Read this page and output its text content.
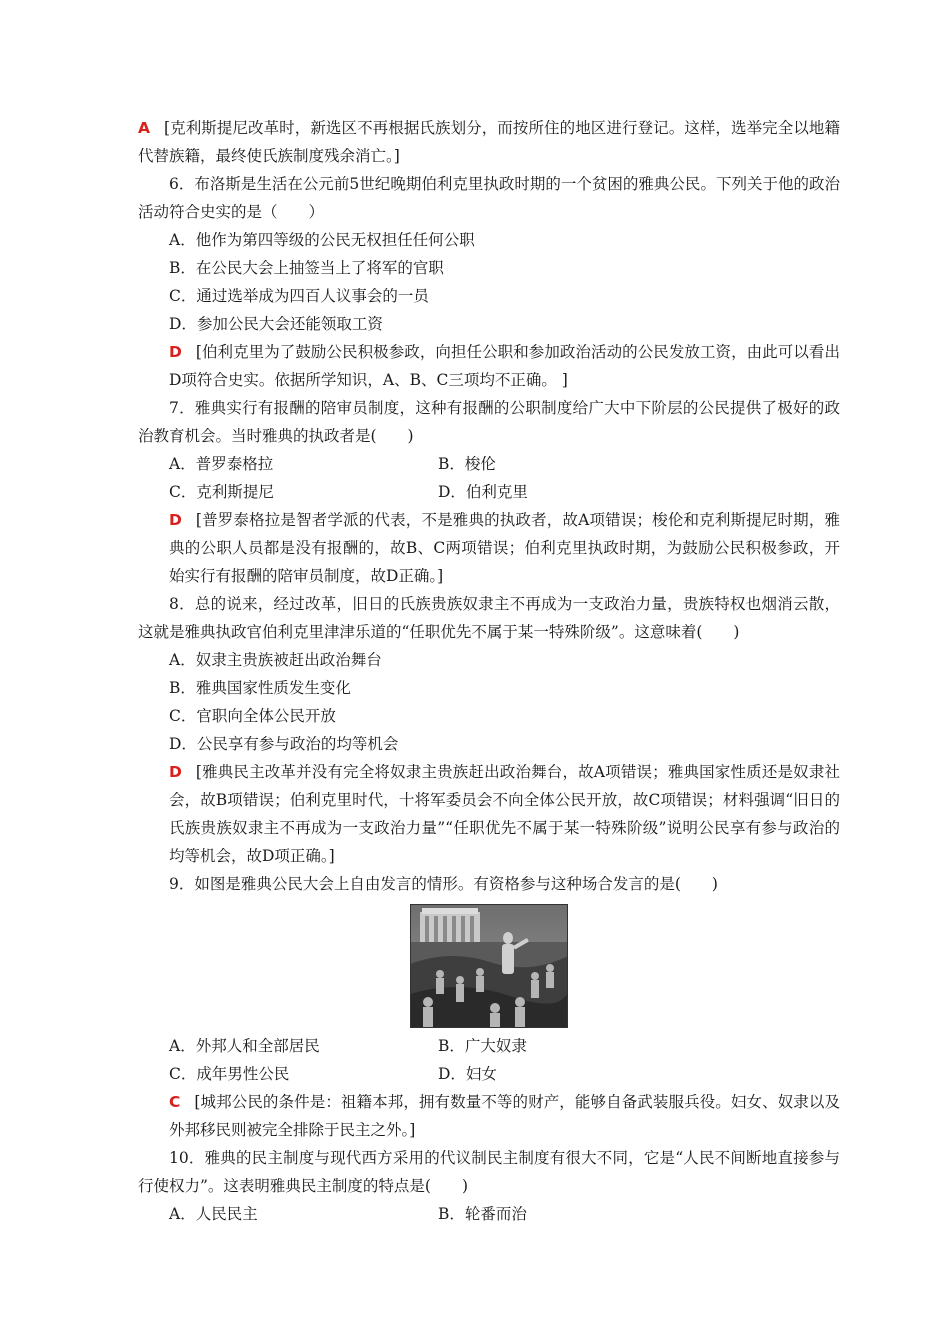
A [克利斯提尼改革时，新选区不再根据氏族划分，而按所住的地区进行登记。这样，选举完全以地籍代替族籍，最终使氏族制度残余消亡。]
6．布洛斯是生活在公元前5世纪晚期伯利克里执政时期的一个贫困的雅典公民。下列关于他的政治活动符合史实的是（　　）
A．他作为第四等级的公民无权担任任何公职
B．在公民大会上抽签当上了将军的官职
C．通过选举成为四百人议事会的一员
D．参加公民大会还能领取工资
D [伯利克里为了鼓励公民积极参政，向担任公职和参加政治活动的公民发放工资，由此可以看出D项符合史实。依据所学知识，A、B、C三项均不正确。 ]
7．雅典实行有报酬的陪审员制度，这种有报酬的公职制度给广大中下阶层的公民提供了极好的政治教育机会。当时雅典的执政者是(　　)
A．普罗泰格拉	B．梭伦
C．克利斯提尼	D．伯利克里
D [普罗泰格拉是智者学派的代表，不是雅典的执政者，故A项错误；梭伦和克利斯提尼时期，雅典的公职人员都是没有报酬的，故B、C两项错误；伯利克里执政时期，为鼓励公民积极参政，开始实行有报酬的陪审员制度，故D正确。]
8．总的说来，经过改革，旧日的氏族贵族奴隶主不再成为一支政治力量，贵族特权也烟消云散，这就是雅典执政官伯利克里津津乐道的“任职优先不属于某一特殊阶级”。这意味着(　　)
A．奴隶主贵族被赶出政治舞台
B．雅典国家性质发生变化
C．官职向全体公民开放
D．公民享有参与政治的均等机会
D [雅典民主改革并没有完全将奴隶主贵族赶出政治舞台，故A项错误；雅典国家性质还是奴隶社会，故B项错误；伯利克里时代，十将军委员会不向全体公民开放，故C项错误；材料强调“旧日的氏族贵族奴隶主不再成为一支政治力量”“任职优先不属于某一特殊阶级”说明公民享有参与政治的均等机会，故D项正确。]
9．如图是雅典公民大会上自由发言的情形。有资格参与这种场合发言的是(　　)
A．外邦人和全部居民	B．广大奴隶
C．成年男性公民	D．妇女
C [城邦公民的条件是：祖籍本邦，拥有数量不等的财产，能够自备武装服兵役。妇女、奴隶以及外邦移民则被完全排除于民主之外。]
10．雅典的民主制度与现代西方采用的代议制民主制度有很大不同，它是“人民不间断地直接参与行使权力”。这表明雅典民主制度的特点是(　　)
A．人民民主	B．轮番而治
